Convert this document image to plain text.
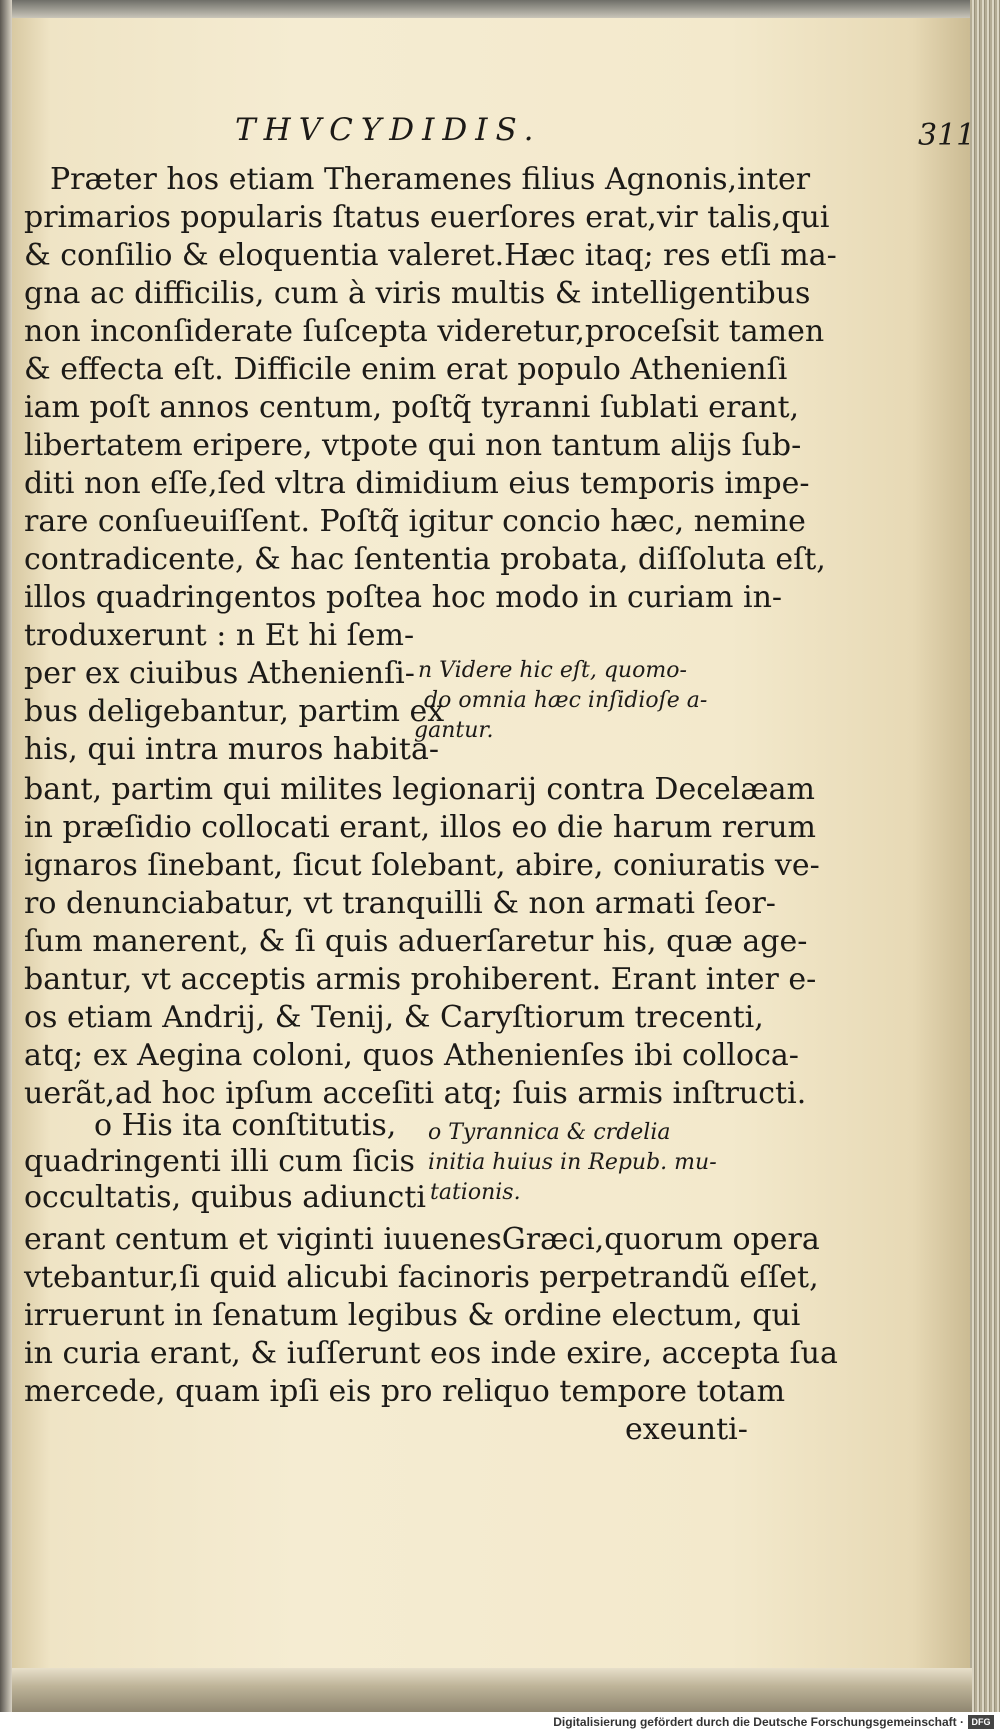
THVCYDIDIS.	311
Præter hos etiam Theramenes filius Agnonis,inter
primarios popularis ſtatus euerſores erat,vir talis,qui
& conſilio & eloquentia valeret.Hæc itaq; res etſi ma-
gna ac difficilis, cum à viris multis & intelligentibus
non inconſiderate ſuſcepta videretur,proceſsit tamen
& effecta eſt. Difficile enim erat populo Athenienſi
iam poſt annos centum, poſtq̃ tyranni ſublati erant,
libertatem eripere, vtpote qui non tantum alijs ſub-
diti non eſſe,ſed vltra dimidium eius temporis impe-
rare conſueuiſſent. Poſtq̃ igitur concio hæc, nemine
contradicente, & hac ſententia probata, diſſoluta eſt,
illos quadringentos poſtea hoc modo in curiam in-
troduxerunt : n Et hi ſem-
per ex ciuibus Athenienſi-
bus deligebantur, partim ex
his, qui intra muros habita-
n Videre hic eſt, quomo-
do omnia hæc inſidioſe a-
gantur.
bant, partim qui milites legionarij contra Decelæam
in præſidio collocati erant, illos eo die harum rerum
ignaros ſinebant, ſicut ſolebant, abire, coniuratis ve-
ro denunciabatur, vt tranquilli & non armati ſeor-
ſum manerent, & ſi quis aduerſaretur his, quæ age-
bantur, vt acceptis armis prohiberent. Erant inter e-
os etiam Andrij, & Tenij, & Caryſtiorum trecenti,
atq; ex Aegina coloni, quos Athenienſes ibi colloca-
uerãt,ad hoc ipſum acceſiti atq; ſuis armis inſtructi.
o His ita conſtitutis,
quadringenti illi cum ſicis
occultatis, quibus adiuncti
o Tyrannica & crdelia
initia huius in Repub. mu-
tationis.
erant centum et viginti iuuenesGræci,quorum opera
vtebantur,ſi quid alicubi facinoris perpetrandũ eſſet,
irruerunt in ſenatum legibus & ordine electum, qui
in curia erant, & iuſſerunt eos inde exire, accepta ſua
mercede, quam ipſi eis pro reliquo tempore totam
exeunti-
Digitalisierung gefördert durch die Deutsche Forschungsgemeinschaft · DFG
